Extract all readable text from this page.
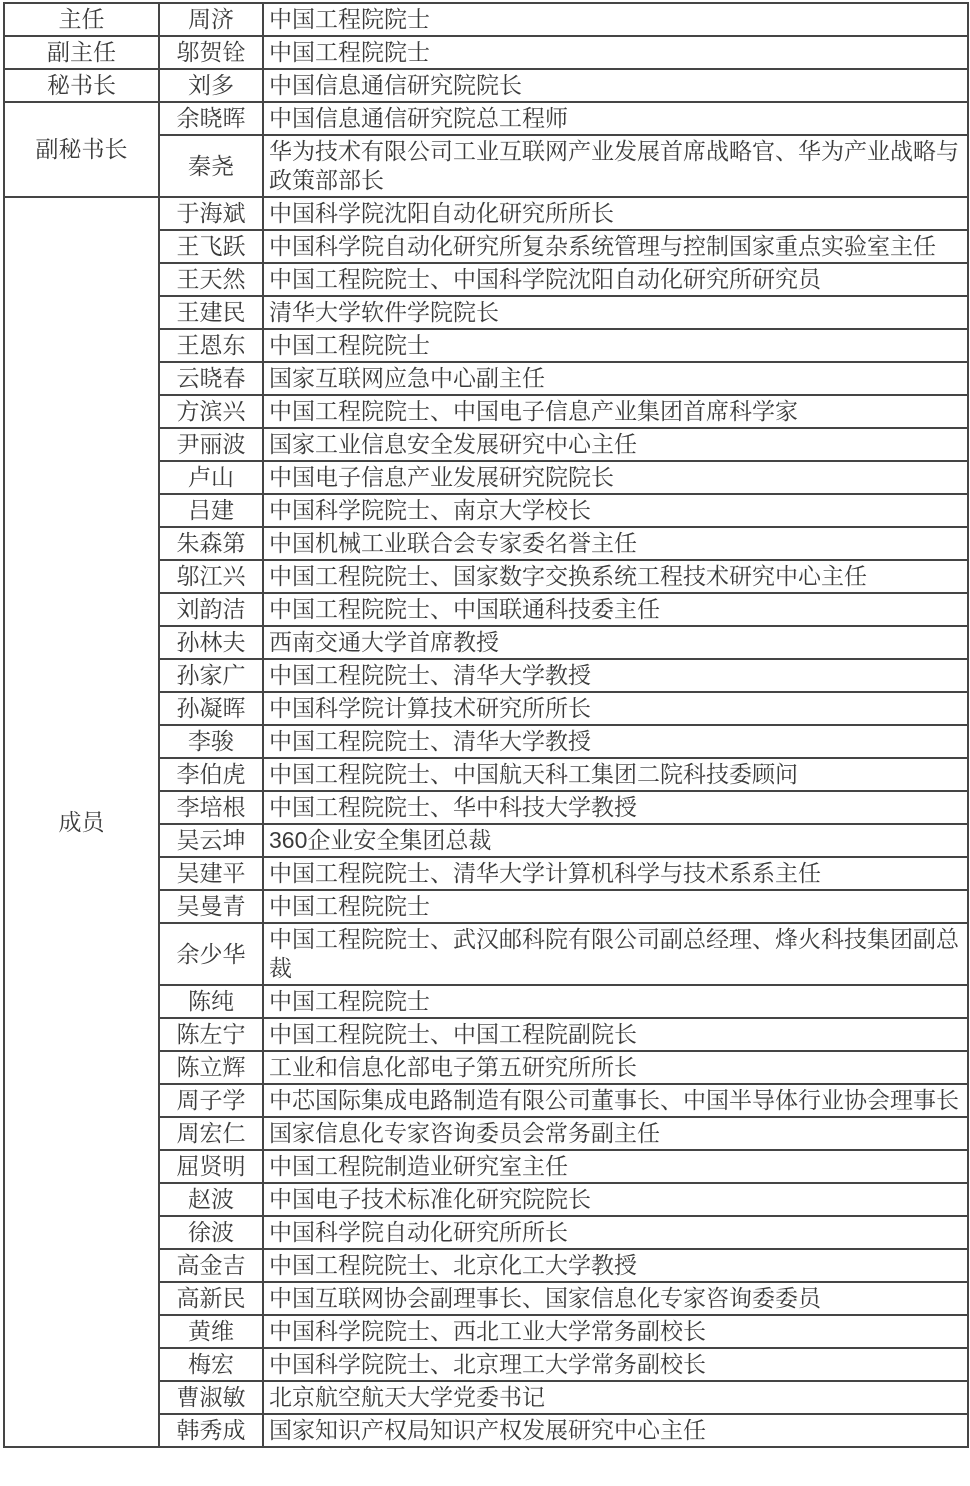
主任	周济	中国工程院院士
副主任	邬贺铨	中国工程院院士
秘书长	刘多	中国信息通信研究院院长
副秘书长	余晓晖	中国信息通信研究院总工程师
	秦尧	华为技术有限公司工业互联网产业发展首席战略官、华为产业战略与政策部部长
成员	于海斌	中国科学院沈阳自动化研究所所长
	王飞跃	中国科学院自动化研究所复杂系统管理与控制国家重点实验室主任
	王天然	中国工程院院士、中国科学院沈阳自动化研究所研究员
	王建民	清华大学软件学院院长
	王恩东	中国工程院院士
	云晓春	国家互联网应急中心副主任
	方滨兴	中国工程院院士、中国电子信息产业集团首席科学家
	尹丽波	国家工业信息安全发展研究中心主任
	卢山	中国电子信息产业发展研究院院长
	吕建	中国科学院院士、南京大学校长
	朱森第	中国机械工业联合会专家委名誉主任
	邬江兴	中国工程院院士、国家数字交换系统工程技术研究中心主任
	刘韵洁	中国工程院院士、中国联通科技委主任
	孙林夫	西南交通大学首席教授
	孙家广	中国工程院院士、清华大学教授
	孙凝晖	中国科学院计算技术研究所所长
	李骏	中国工程院院士、清华大学教授
	李伯虎	中国工程院院士、中国航天科工集团二院科技委顾问
	李培根	中国工程院院士、华中科技大学教授
	吴云坤	360企业安全集团总裁
	吴建平	中国工程院院士、清华大学计算机科学与技术系系主任
	吴曼青	中国工程院院士
	余少华	中国工程院院士、武汉邮科院有限公司副总经理、烽火科技集团副总裁
	陈纯	中国工程院院士
	陈左宁	中国工程院院士、中国工程院副院长
	陈立辉	工业和信息化部电子第五研究所所长
	周子学	中芯国际集成电路制造有限公司董事长、中国半导体行业协会理事长
	周宏仁	国家信息化专家咨询委员会常务副主任
	屈贤明	中国工程院制造业研究室主任
	赵波	中国电子技术标准化研究院院长
	徐波	中国科学院自动化研究所所长
	高金吉	中国工程院院士、北京化工大学教授
	高新民	中国互联网协会副理事长、国家信息化专家咨询委委员
	黄维	中国科学院院士、西北工业大学常务副校长
	梅宏	中国科学院院士、北京理工大学常务副校长
	曹淑敏	北京航空航天大学党委书记
	韩秀成	国家知识产权局知识产权发展研究中心主任
